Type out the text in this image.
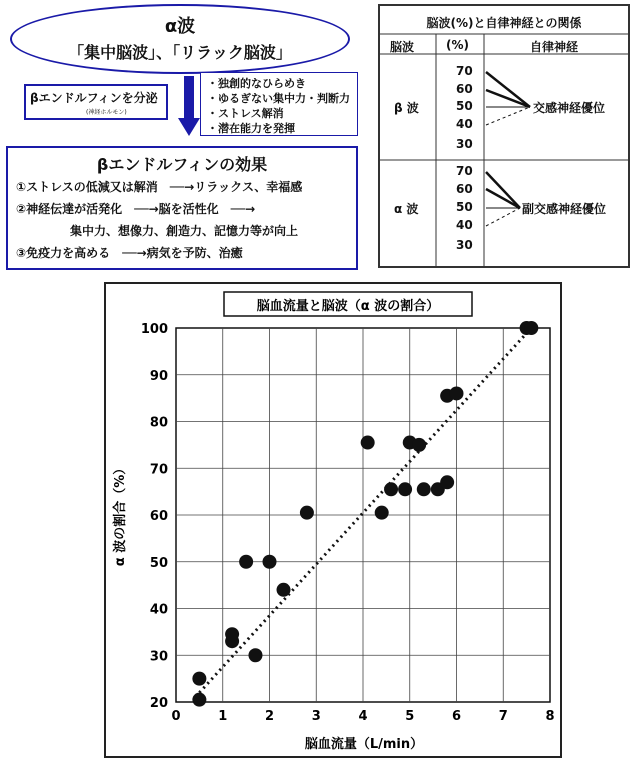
α波
「集中脳波」、「リラック脳波」
βエンドルフィンを分泌
(神経ホルモン)
・独創的なひらめき
・ゆるぎない集中力・判断力
・ストレス解消
・潜在能力を発揮
βエンドルフィンの効果
①ストレスの低減又は解消　──→リラックス、幸福感
②神経伝達が活発化　──→脳を活性化　──→
集中力、想像力、創造力、記憶力等が向上
③免疫力を高める　──→病気を予防、治癒
脳波(%)と自律神経との関係
脳波	(%)	自律神経
β 波
70
60
50
40
30
交感神経優位
α 波
70
60
50
40
30
副交感神経優位
脳血流量と脳波（α 波の割合）
0	1	2	3	4	5	6	7	8
20
30
40
50
60
70
80
90
100
脳血流量（L/min）
α 波の割合（%）
